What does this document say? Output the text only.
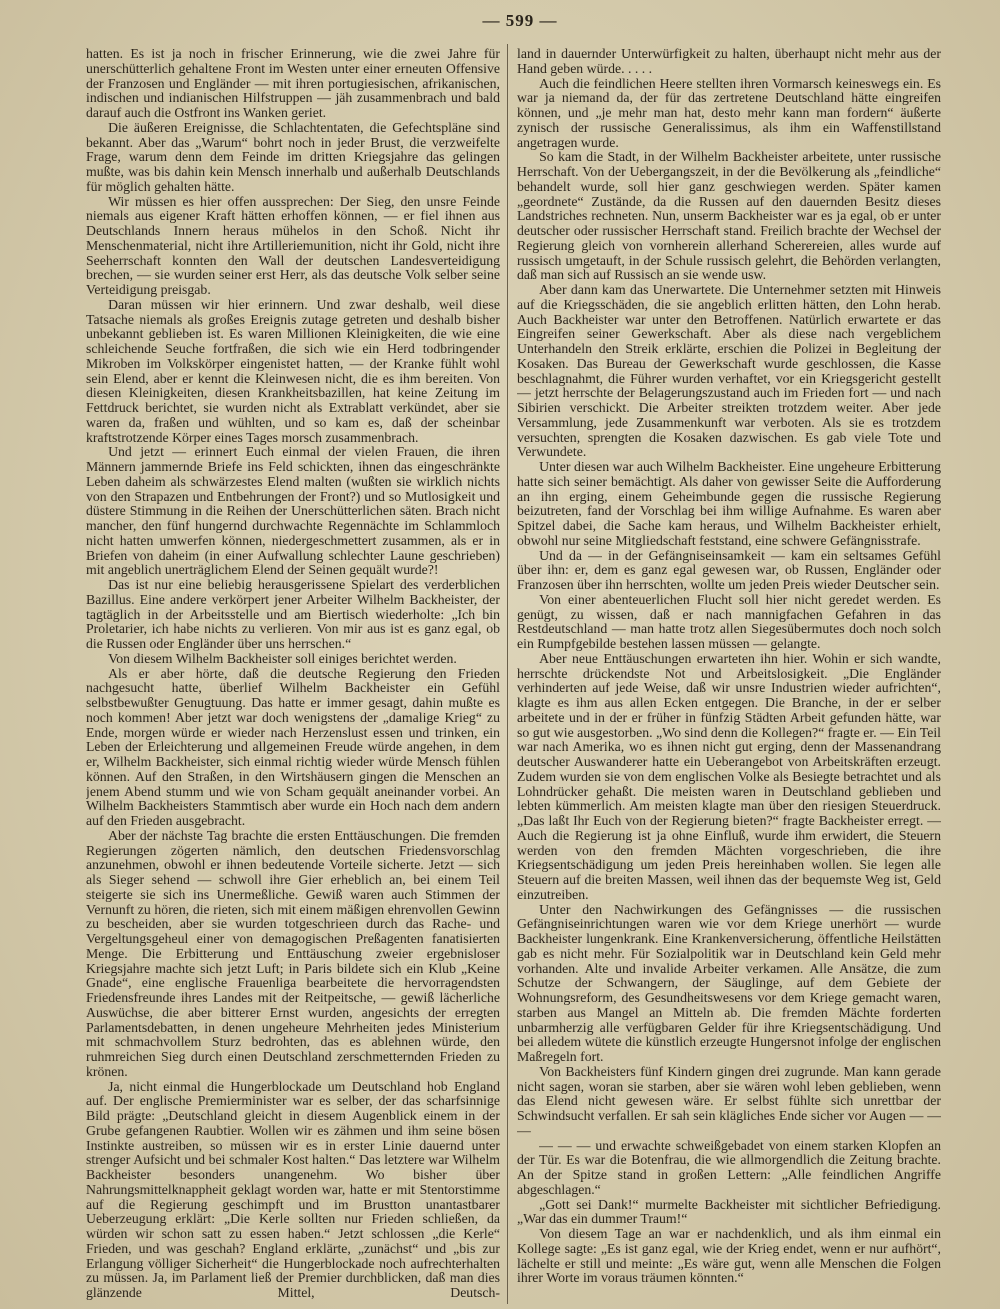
— 599 —

hatten. Es ist ja noch in frischer Erinnerung, wie die zwei Jahre für unerschütterlich gehaltene Front im Westen unter einer erneuten Offensive der Franzosen und Engländer — mit ihren portugiesischen, afrikanischen, indischen und indianischen Hilfstruppen — jäh zusammenbrach und bald darauf auch die Ostfront ins Wanken geriet.

Die äußeren Ereignisse, die Schlachtentaten, die Gefechtspläne sind bekannt. Aber das „Warum“ bohrt noch in jeder Brust, die verzweifelte Frage, warum denn dem Feinde im dritten Kriegsjahre das gelingen mußte, was bis dahin kein Mensch innerhalb und außerhalb Deutschlands für möglich gehalten hätte.

Wir müssen es hier offen aussprechen: Der Sieg, den unsre Feinde niemals aus eigener Kraft hätten erhoffen können, — er fiel ihnen aus Deutschlands Innern heraus mühelos in den Schoß. Nicht ihr Menschenmaterial, nicht ihre Artilleriemunition, nicht ihr Gold, nicht ihre Seeherrschaft konnten den Wall der deutschen Landesverteidigung brechen, — sie wurden seiner erst Herr, als das deutsche Volk selber seine Verteidigung preisgab.

Daran müssen wir hier erinnern. Und zwar deshalb, weil diese Tatsache niemals als großes Ereignis zutage getreten und deshalb bisher unbekannt geblieben ist. Es waren Millionen Kleinigkeiten, die wie eine schleichende Seuche fortfraßen, die sich wie ein Herd todbringender Mikroben im Volkskörper eingenistet hatten, — der Kranke fühlt wohl sein Elend, aber er kennt die Kleinwesen nicht, die es ihm bereiten. Von diesen Kleinigkeiten, diesen Krankheitsbazillen, hat keine Zeitung im Fettdruck berichtet, sie wurden nicht als Extrablatt verkündet, aber sie waren da, fraßen und wühlten, und so kam es, daß der scheinbar kraftstrotzende Körper eines Tages morsch zusammenbrach.

Und jetzt — erinnert Euch einmal der vielen Frauen, die ihren Männern jammernde Briefe ins Feld schickten, ihnen das eingeschränkte Leben daheim als schwärzestes Elend malten (wußten sie wirklich nichts von den Strapazen und Entbehrungen der Front?) und so Mutlosigkeit und düstere Stimmung in die Reihen der Unerschütterlichen säten. Brach nicht mancher, den fünf hungernd durchwachte Regennächte im Schlammloch nicht hatten umwerfen können, niedergeschmettert zusammen, als er in Briefen von daheim (in einer Aufwallung schlechter Laune geschrieben) mit angeblich unerträglichem Elend der Seinen gequält wurde?!

Das ist nur eine beliebig herausgerissene Spielart des verderblichen Bazillus. Eine andere verkörpert jener Arbeiter Wilhelm Backheister, der tagtäglich in der Arbeitsstelle und am Biertisch wiederholte: „Ich bin Proletarier, ich habe nichts zu verlieren. Von mir aus ist es ganz egal, ob die Russen oder Engländer über uns herrschen.“

Von diesem Wilhelm Backheister soll einiges berichtet werden.

Als er aber hörte, daß die deutsche Regierung den Frieden nachgesucht hatte, überlief Wilhelm Backheister ein Gefühl selbstbewußter Genugtuung. Das hatte er immer gesagt, dahin mußte es noch kommen! Aber jetzt war doch wenigstens der „damalige Krieg“ zu Ende, morgen würde er wieder nach Herzenslust essen und trinken, ein Leben der Erleichterung und allgemeinen Freude würde angehen, in dem er, Wilhelm Backheister, sich einmal richtig wieder würde Mensch fühlen können. Auf den Straßen, in den Wirtshäusern gingen die Menschen an jenem Abend stumm und wie von Scham gequält aneinander vorbei. An Wilhelm Backheisters Stammtisch aber wurde ein Hoch nach dem andern auf den Frieden ausgebracht.

Aber der nächste Tag brachte die ersten Enttäuschungen. Die fremden Regierungen zögerten nämlich, den deutschen Friedensvorschlag anzunehmen, obwohl er ihnen bedeutende Vorteile sicherte. Jetzt — sich als Sieger sehend — schwoll ihre Gier erheblich an, bei einem Teil steigerte sie sich ins Unermeßliche. Gewiß waren auch Stimmen der Vernunft zu hören, die rieten, sich mit einem mäßigen ehrenvollen Gewinn zu bescheiden, aber sie wurden totgeschrieen durch das Rache- und Vergeltungsgeheul einer von demagogischen Preßagenten fanatisierten Menge. Die Erbitterung und Enttäuschung zweier ergebnisloser Kriegsjahre machte sich jetzt Luft; in Paris bildete sich ein Klub „Keine Gnade“, eine englische Frauenliga bearbeitete die hervorragendsten Friedensfreunde ihres Landes mit der Reitpeitsche, — gewiß lächerliche Auswüchse, die aber bitterer Ernst wurden, angesichts der erregten Parlamentsdebatten, in denen ungeheure Mehrheiten jedes Ministerium mit schmachvollem Sturz bedrohten, das es ablehnen würde, den ruhmreichen Sieg durch einen Deutschland zerschmetternden Frieden zu krönen.

Ja, nicht einmal die Hungerblockade um Deutschland hob England auf. Der englische Premierminister war es selber, der das scharfsinnige Bild prägte: „Deutschland gleicht in diesem Augenblick einem in der Grube gefangenen Raubtier. Wollen wir es zähmen und ihm seine bösen Instinkte austreiben, so müssen wir es in erster Linie dauernd unter strenger Aufsicht und bei schmaler Kost halten.“ Das letztere war Wilhelm Backheister besonders unangenehm. Wo bisher über Nahrungsmittelknappheit geklagt worden war, hatte er mit Stentorstimme auf die Regierung geschimpft und im Brustton unantastbarer Ueberzeugung erklärt: „Die Kerle sollten nur Frieden schließen, da würden wir schon satt zu essen haben.“ Jetzt schlossen „die Kerle“ Frieden, und was geschah? England erklärte, „zunächst“ und „bis zur Erlangung völliger Sicherheit“ die Hungerblockade noch aufrechterhalten zu müssen. Ja, im Parlament ließ der Premier durchblicken, daß man dies glänzende Mittel, Deutsch-

land in dauernder Unterwürfigkeit zu halten, überhaupt nicht mehr aus der Hand geben würde. . . . .

Auch die feindlichen Heere stellten ihren Vormarsch keineswegs ein. Es war ja niemand da, der für das zertretene Deutschland hätte eingreifen können, und „je mehr man hat, desto mehr kann man fordern“ äußerte zynisch der russische Generalissimus, als ihm ein Waffenstillstand angetragen wurde.

So kam die Stadt, in der Wilhelm Backheister arbeitete, unter russische Herrschaft. Von der Uebergangszeit, in der die Bevölkerung als „feindliche“ behandelt wurde, soll hier ganz geschwiegen werden. Später kamen „geordnete“ Zustände, da die Russen auf den dauernden Besitz dieses Landstriches rechneten. Nun, unserm Backheister war es ja egal, ob er unter deutscher oder russischer Herrschaft stand. Freilich brachte der Wechsel der Regierung gleich von vornherein allerhand Scherereien, alles wurde auf russisch umgetauft, in der Schule russisch gelehrt, die Behörden verlangten, daß man sich auf Russisch an sie wende usw.

Aber dann kam das Unerwartete. Die Unternehmer setzten mit Hinweis auf die Kriegsschäden, die sie angeblich erlitten hätten, den Lohn herab. Auch Backheister war unter den Betroffenen. Natürlich erwartete er das Eingreifen seiner Gewerkschaft. Aber als diese nach vergeblichem Unterhandeln den Streik erklärte, erschien die Polizei in Begleitung der Kosaken. Das Bureau der Gewerkschaft wurde geschlossen, die Kasse beschlagnahmt, die Führer wurden verhaftet, vor ein Kriegsgericht gestellt — jetzt herrschte der Belagerungszustand auch im Frieden fort — und nach Sibirien verschickt. Die Arbeiter streikten trotzdem weiter. Aber jede Versammlung, jede Zusammenkunft war verboten. Als sie es trotzdem versuchten, sprengten die Kosaken dazwischen. Es gab viele Tote und Verwundete.

Unter diesen war auch Wilhelm Backheister. Eine ungeheure Erbitterung hatte sich seiner bemächtigt. Als daher von gewisser Seite die Aufforderung an ihn erging, einem Geheimbunde gegen die russische Regierung beizutreten, fand der Vorschlag bei ihm willige Aufnahme. Es waren aber Spitzel dabei, die Sache kam heraus, und Wilhelm Backheister erhielt, obwohl nur seine Mitgliedschaft feststand, eine schwere Gefängnisstrafe.

Und da — in der Gefängniseinsamkeit — kam ein seltsames Gefühl über ihn: er, dem es ganz egal gewesen war, ob Russen, Engländer oder Franzosen über ihn herrschten, wollte um jeden Preis wieder Deutscher sein.

Von einer abenteuerlichen Flucht soll hier nicht geredet werden. Es genügt, zu wissen, daß er nach mannigfachen Gefahren in das Restdeutschland — man hatte trotz allen Siegesübermutes doch noch solch ein Rumpfgebilde bestehen lassen müssen — gelangte.

Aber neue Enttäuschungen erwarteten ihn hier. Wohin er sich wandte, herrschte drückendste Not und Arbeitslosigkeit. „Die Engländer verhinderten auf jede Weise, daß wir unsre Industrien wieder aufrichten“, klagte es ihm aus allen Ecken entgegen. Die Branche, in der er selber arbeitete und in der er früher in fünfzig Städten Arbeit gefunden hätte, war so gut wie ausgestorben. „Wo sind denn die Kollegen?“ fragte er. — Ein Teil war nach Amerika, wo es ihnen nicht gut erging, denn der Massenandrang deutscher Auswanderer hatte ein Ueberangebot von Arbeitskräften erzeugt. Zudem wurden sie von dem englischen Volke als Besiegte betrachtet und als Lohndrücker gehaßt. Die meisten waren in Deutschland geblieben und lebten kümmerlich. Am meisten klagte man über den riesigen Steuerdruck. „Das laßt Ihr Euch von der Regierung bieten?“ fragte Backheister erregt. — Auch die Regierung ist ja ohne Einfluß, wurde ihm erwidert, die Steuern werden von den fremden Mächten vorgeschrieben, die ihre Kriegsentschädigung um jeden Preis hereinhaben wollen. Sie legen alle Steuern auf die breiten Massen, weil ihnen das der bequemste Weg ist, Geld einzutreiben.

Unter den Nachwirkungen des Gefängnisses — die russischen Gefängniseinrichtungen waren wie vor dem Kriege unerhört — wurde Backheister lungenkrank. Eine Krankenversicherung, öffentliche Heilstätten gab es nicht mehr. Für Sozialpolitik war in Deutschland kein Geld mehr vorhanden. Alte und invalide Arbeiter verkamen. Alle Ansätze, die zum Schutze der Schwangern, der Säuglinge, auf dem Gebiete der Wohnungsreform, des Gesundheitswesens vor dem Kriege gemacht waren, starben aus Mangel an Mitteln ab. Die fremden Mächte forderten unbarmherzig alle verfügbaren Gelder für ihre Kriegsentschädigung. Und bei alledem wütete die künstlich erzeugte Hungersnot infolge der englischen Maßregeln fort.

Von Backheisters fünf Kindern gingen drei zugrunde. Man kann gerade nicht sagen, woran sie starben, aber sie wären wohl leben geblieben, wenn das Elend nicht gewesen wäre. Er selbst fühlte sich unrettbar der Schwindsucht verfallen. Er sah sein klägliches Ende sicher vor Augen — — —

— — — und erwachte schweißgebadet von einem starken Klopfen an der Tür. Es war die Botenfrau, die wie allmorgendlich die Zeitung brachte. An der Spitze stand in großen Lettern: „Alle feindlichen Angriffe abgeschlagen.“

„Gott sei Dank!“ murmelte Backheister mit sichtlicher Befriedigung. „War das ein dummer Traum!“

Von diesem Tage an war er nachdenklich, und als ihm einmal ein Kollege sagte: „Es ist ganz egal, wie der Krieg endet, wenn er nur aufhört“, lächelte er still und meinte: „Es wäre gut, wenn alle Menschen die Folgen ihrer Worte im voraus träumen könnten.“
